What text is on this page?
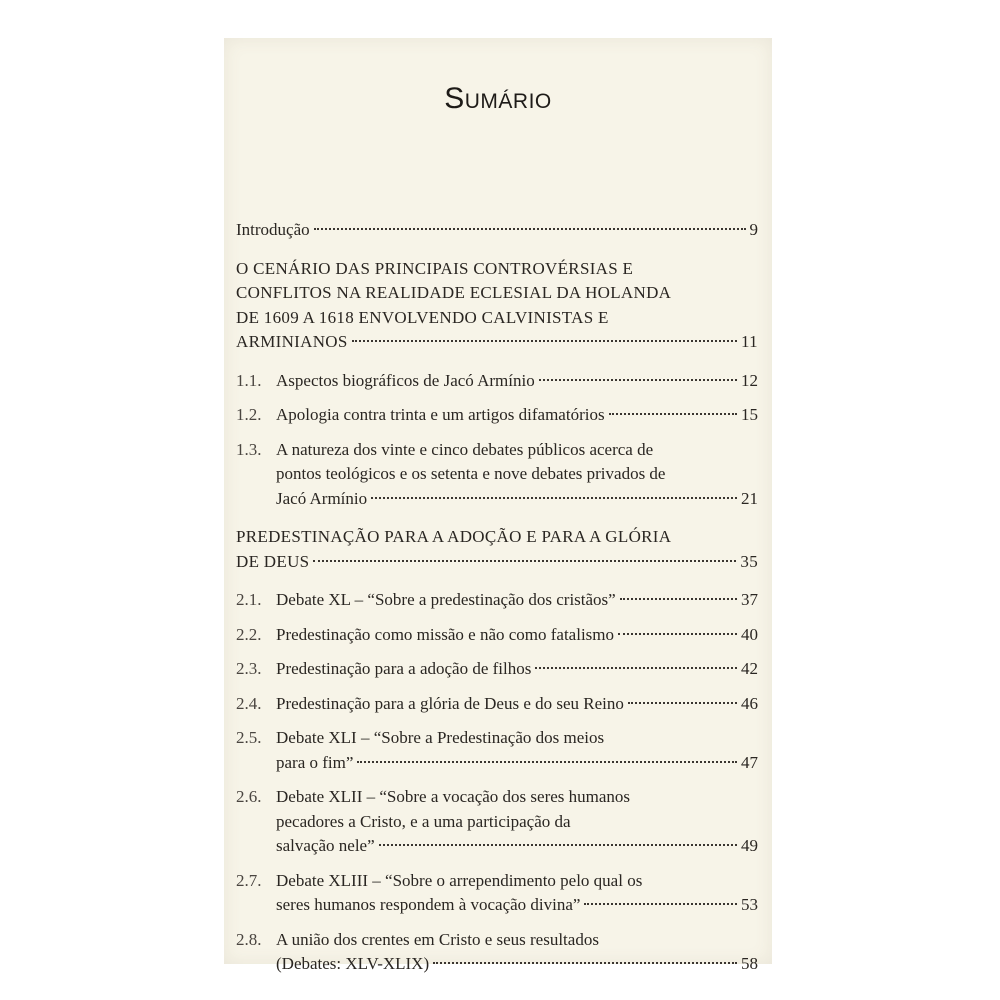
Sumário
Introdução	9
O CENÁRIO DAS PRINCIPAIS CONTROVÉRSIAS E
CONFLITOS NA REALIDADE ECLESIAL DA HOLANDA
DE 1609 A 1618 ENVOLVENDO CALVINISTAS E
ARMINIANOS	11
1.1. Aspectos biográficos de Jacó Armínio	12
1.2. Apologia contra trinta e um artigos difamatórios	15
1.3. A natureza dos vinte e cinco debates públicos acerca de
pontos teológicos e os setenta e nove debates privados de
Jacó Armínio	21
PREDESTINAÇÃO PARA A ADOÇÃO E PARA A GLÓRIA
DE DEUS	35
2.1. Debate XL – “Sobre a predestinação dos cristãos”	37
2.2. Predestinação como missão e não como fatalismo	40
2.3. Predestinação para a adoção de filhos	42
2.4. Predestinação para a glória de Deus e do seu Reino	46
2.5. Debate XLI – “Sobre a Predestinação dos meios
para o fim”	47
2.6. Debate XLII – “Sobre a vocação dos seres humanos
pecadores a Cristo, e a uma participação da
salvação nele”	49
2.7. Debate XLIII – “Sobre o arrependimento pelo qual os
seres humanos respondem à vocação divina”	53
2.8. A união dos crentes em Cristo e seus resultados
(Debates: XLV-XLIX)	58
